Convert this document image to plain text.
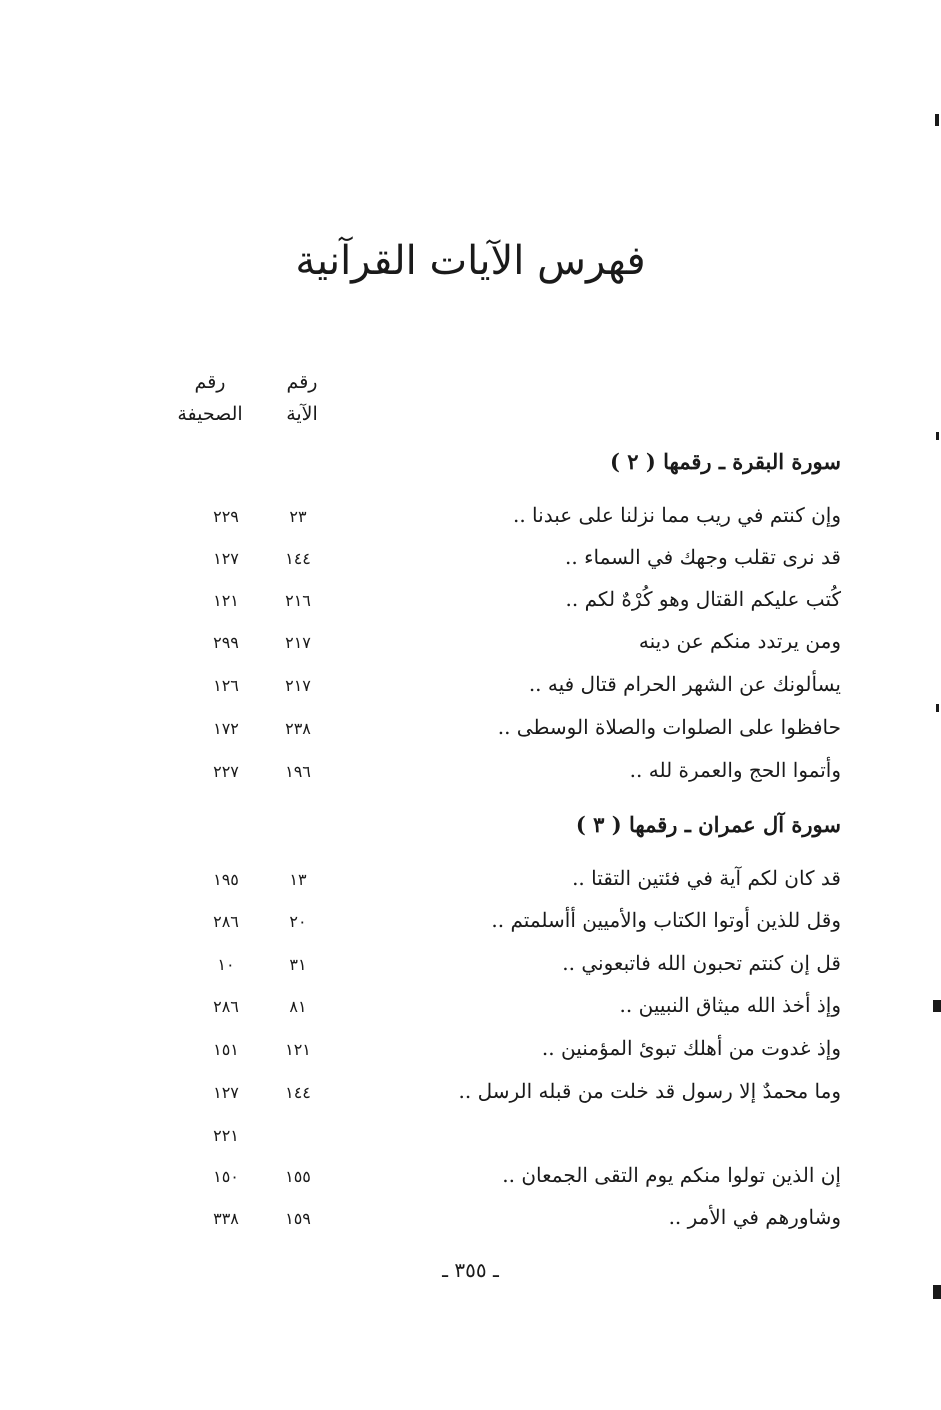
فهرس الآيات القرآنية
رقم
الآية
رقم
الصحيفة
سورة البقرة ـ رقمها ( ٢ )
وإن كنتم في ريب مما نزلنا على عبدنا ..
٢٣
٢٢٩
قد نرى تقلب وجهك في السماء ..
١٤٤
١٢٧
كُتب عليكم القتال وهو كُرْهٌ لكم ..
٢١٦
١٢١
ومن يرتدد منكم عن دينه
٢١٧
٢٩٩
يسألونك عن الشهر الحرام قتال فيه ..
٢١٧
١٢٦
حافظوا على الصلوات والصلاة الوسطى ..
٢٣٨
١٧٢
وأتموا الحج والعمرة لله ..
١٩٦
٢٢٧
سورة آل عمران ـ رقمها ( ٣ )
قد كان لكم آية في فئتين التقتا ..
١٣
١٩٥
وقل للذين أوتوا الكتاب والأميين أأسلمتم ..
٢٠
٢٨٦
قل إن كنتم تحبون الله فاتبعوني ..
٣١
١٠
وإذ أخذ الله ميثاق النبيين ..
٨١
٢٨٦
وإذ غدوت من أهلك تبوئ المؤمنين ..
١٢١
١٥١
وما محمدٌ إلا رسول قد خلت من قبله الرسل ..
١٤٤
١٢٧
٢٢١
إن الذين تولوا منكم يوم التقى الجمعان ..
١٥٥
١٥٠
وشاورهم في الأمر ..
١٥٩
٣٣٨
ـ ٣٥٥ ـ
